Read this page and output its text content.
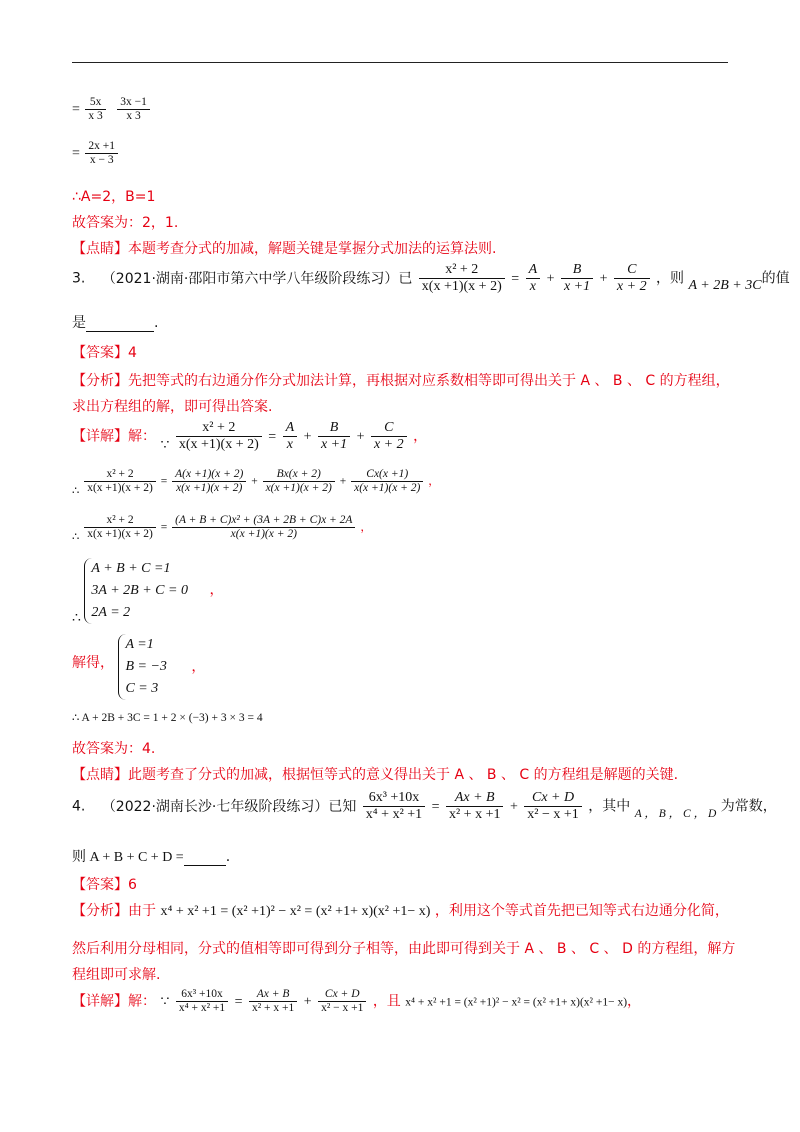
= $\frac{5x}{x 3}$
$\frac{3x -1}{x 3}$
= $\frac{2x +1}{x - 3}$
∴A=2，B=1
故答案为：2，1.
【点睛】本题考查分式的加减，解题关键是掌握分式加法的运算法则.
3. （2021·湖南·邵阳市第六中学八年级阶段练习）已 $\frac{\text{x² + 2}}{x(x +1)(x + 2)} = \frac{A}{x} + \frac{B}{x +1} + \frac{C}{x + 2}$ ，则 A + 2B + 3C的值
是	.
【答案】4
【分析】先把等式的右边通分作分式加法计算，再根据对应系数相等即可得出关于 A 、 B 、 C 的方程组，
求出方程组的解，即可得出答案.
【详解】解： ∵ $\frac{\text{x² + 2}}{x(x +1)(x + 2)} = \frac{A}{x} + \frac{B}{x +1} + \frac{C}{x + 2}$ ，
∴ $\frac{\text{x² + 2}}{x(x +1)(x + 2)} = \frac{A(x +1)(x + 2)}{x(x +1)(x + 2)} + \frac{Bx(x + 2)}{x(x +1)(x + 2)} + \frac{Cx(x +1)}{x(x +1)(x + 2)}$ ，
∴ $\frac{\text{x² + 2}}{x(x +1)(x + 2)} = \frac{\text{(A + B + C)x² + (3A + 2B + C)x + 2A}}{x(x +1)(x + 2)}$ ，
∴
A + B + C =1
3A + 2B + C = 0
2A = 2
，
解得，
A =1
B = −3
C = 3
，
∴ A + 2B + 3C = 1 + 2 × (−3) + 3 × 3 = 4
故答案为：4.
【点睛】此题考查了分式的加减，根据恒等式的意义得出关于 A 、 B 、 C 的方程组是解题的关键.
4. （2022·湖南长沙·七年级阶段练习）已知 $\frac{\text{6x³ +10x}}{\text{x⁴ + x² +1}} = \frac{Ax + B}{\text{x² + x +1}} + \frac{Cx + D}{\text{x² − x +1}}$ ，其中 $_{A , B , C , D}$ 为常数，
则 A + B + C + D =	.
【答案】6
【分析】由于 x⁴ + x² +1 = (x² +1)² − x² = (x² +1+ x)(x² +1− x) ，利用这个等式首先把已知等式右边通分化简，
然后利用分母相同，分式的值相等即可得到分子相等，由此即可得到关于 A 、 B 、 C 、 D 的方程组，解方
程组即可求解.
【详解】解： ∵ $\frac{\text{6x³ +10x}}{\text{x⁴ + x² +1}} = \frac{Ax + B}{\text{x² + x +1}} + \frac{Cx + D}{\text{x² − x +1}}$ ，且 x⁴ + x² +1 = (x² +1)² − x² = (x² +1+ x)(x² +1− x)，
